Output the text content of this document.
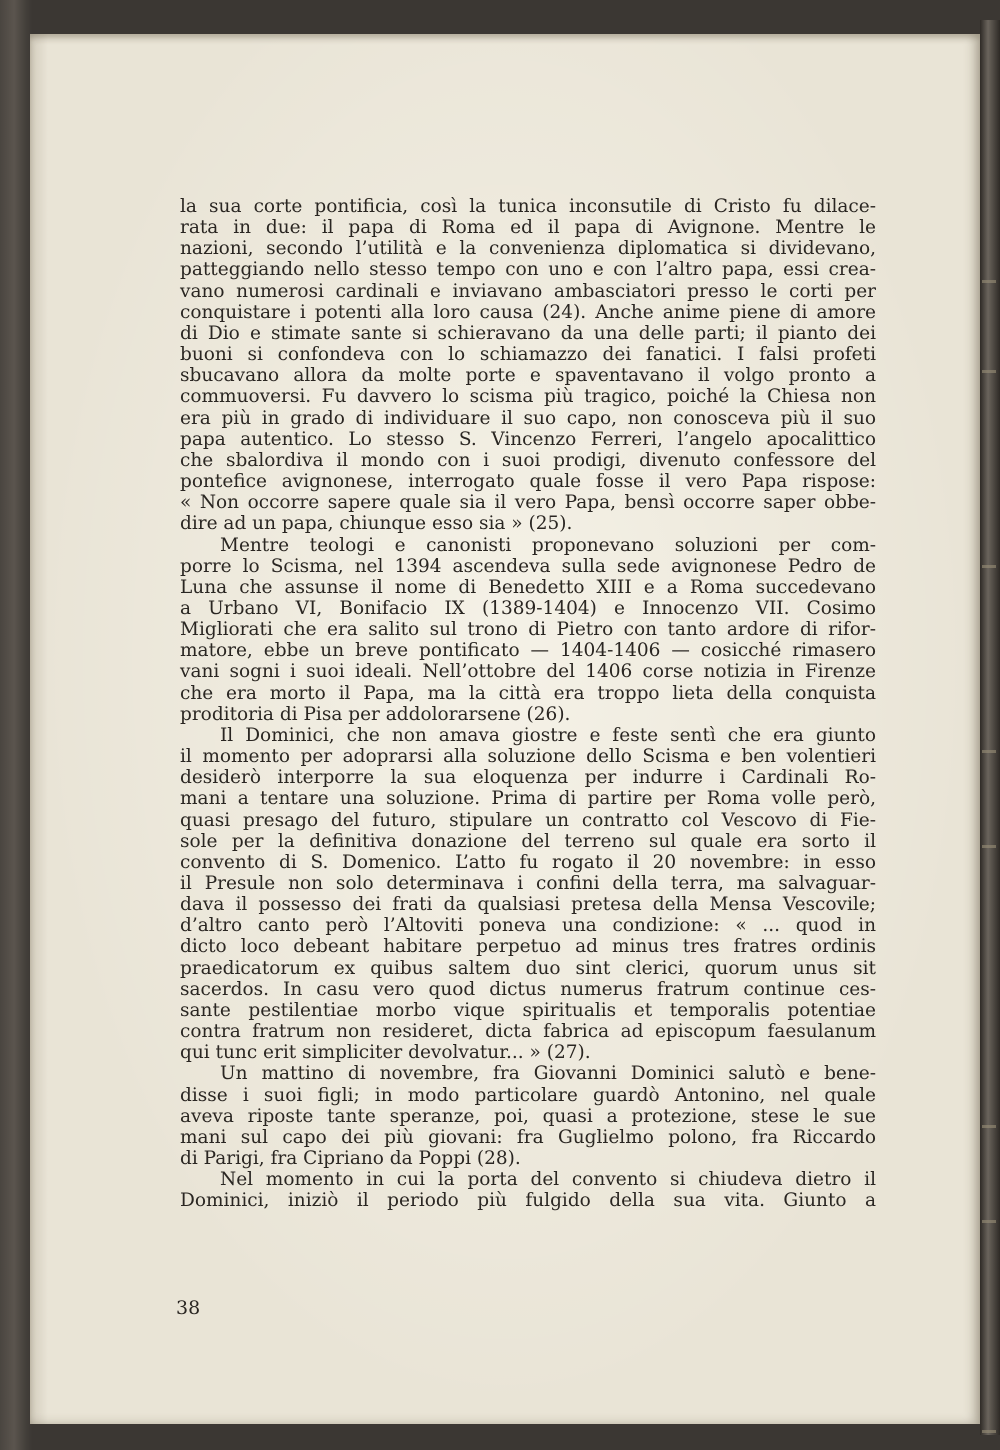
la sua corte pontificia, così la tunica inconsutile di Cristo fu dilace-

rata in due: il papa di Roma ed il papa di Avignone. Mentre le

nazioni, secondo l’utilità e la convenienza diplomatica si dividevano,

patteggiando nello stesso tempo con uno e con l’altro papa, essi crea-

vano numerosi cardinali e inviavano ambasciatori presso le corti per

conquistare i potenti alla loro causa (24). Anche anime piene di amore

di Dio e stimate sante si schieravano da una delle parti; il pianto dei

buoni si confondeva con lo schiamazzo dei fanatici. I falsi profeti

sbucavano allora da molte porte e spaventavano il volgo pronto a

commuoversi. Fu davvero lo scisma più tragico, poiché la Chiesa non

era più in grado di individuare il suo capo, non conosceva più il suo

papa autentico. Lo stesso S. Vincenzo Ferreri, l’angelo apocalittico

che sbalordiva il mondo con i suoi prodigi, divenuto confessore del

pontefice avignonese, interrogato quale fosse il vero Papa rispose:

« Non occorre sapere quale sia il vero Papa, bensì occorre saper obbe-

dire ad un papa, chiunque esso sia » (25).

Mentre teologi e canonisti proponevano soluzioni per com-

porre lo Scisma, nel 1394 ascendeva sulla sede avignonese Pedro de

Luna che assunse il nome di Benedetto XIII e a Roma succedevano

a Urbano VI, Bonifacio IX (1389-1404) e Innocenzo VII. Cosimo

Migliorati che era salito sul trono di Pietro con tanto ardore di rifor-

matore, ebbe un breve pontificato — 1404-1406 — cosicché rimasero

vani sogni i suoi ideali. Nell’ottobre del 1406 corse notizia in Firenze

che era morto il Papa, ma la città era troppo lieta della conquista

proditoria di Pisa per addolorarsene (26).

Il Dominici, che non amava giostre e feste sentì che era giunto

il momento per adoprarsi alla soluzione dello Scisma e ben volentieri

desiderò interporre la sua eloquenza per indurre i Cardinali Ro-

mani a tentare una soluzione. Prima di partire per Roma volle però,

quasi presago del futuro, stipulare un contratto col Vescovo di Fie-

sole per la definitiva donazione del terreno sul quale era sorto il

convento di S. Domenico. L’atto fu rogato il 20 novembre: in esso

il Presule non solo determinava i confini della terra, ma salvaguar-

dava il possesso dei frati da qualsiasi pretesa della Mensa Vescovile;

d’altro canto però l’Altoviti poneva una condizione: « ... quod in

dicto loco debeant habitare perpetuo ad minus tres fratres ordinis

praedicatorum ex quibus saltem duo sint clerici, quorum unus sit

sacerdos. In casu vero quod dictus numerus fratrum continue ces-

sante pestilentiae morbo vique spiritualis et temporalis potentiae

contra fratrum non resideret, dicta fabrica ad episcopum faesulanum

qui tunc erit simpliciter devolvatur... » (27).

Un mattino di novembre, fra Giovanni Dominici salutò e bene-

disse i suoi figli; in modo particolare guardò Antonino, nel quale

aveva riposte tante speranze, poi, quasi a protezione, stese le sue

mani sul capo dei più giovani: fra Guglielmo polono, fra Riccardo

di Parigi, fra Cipriano da Poppi (28).

Nel momento in cui la porta del convento si chiudeva dietro il

Dominici, iniziò il periodo più fulgido della sua vita. Giunto a

38
